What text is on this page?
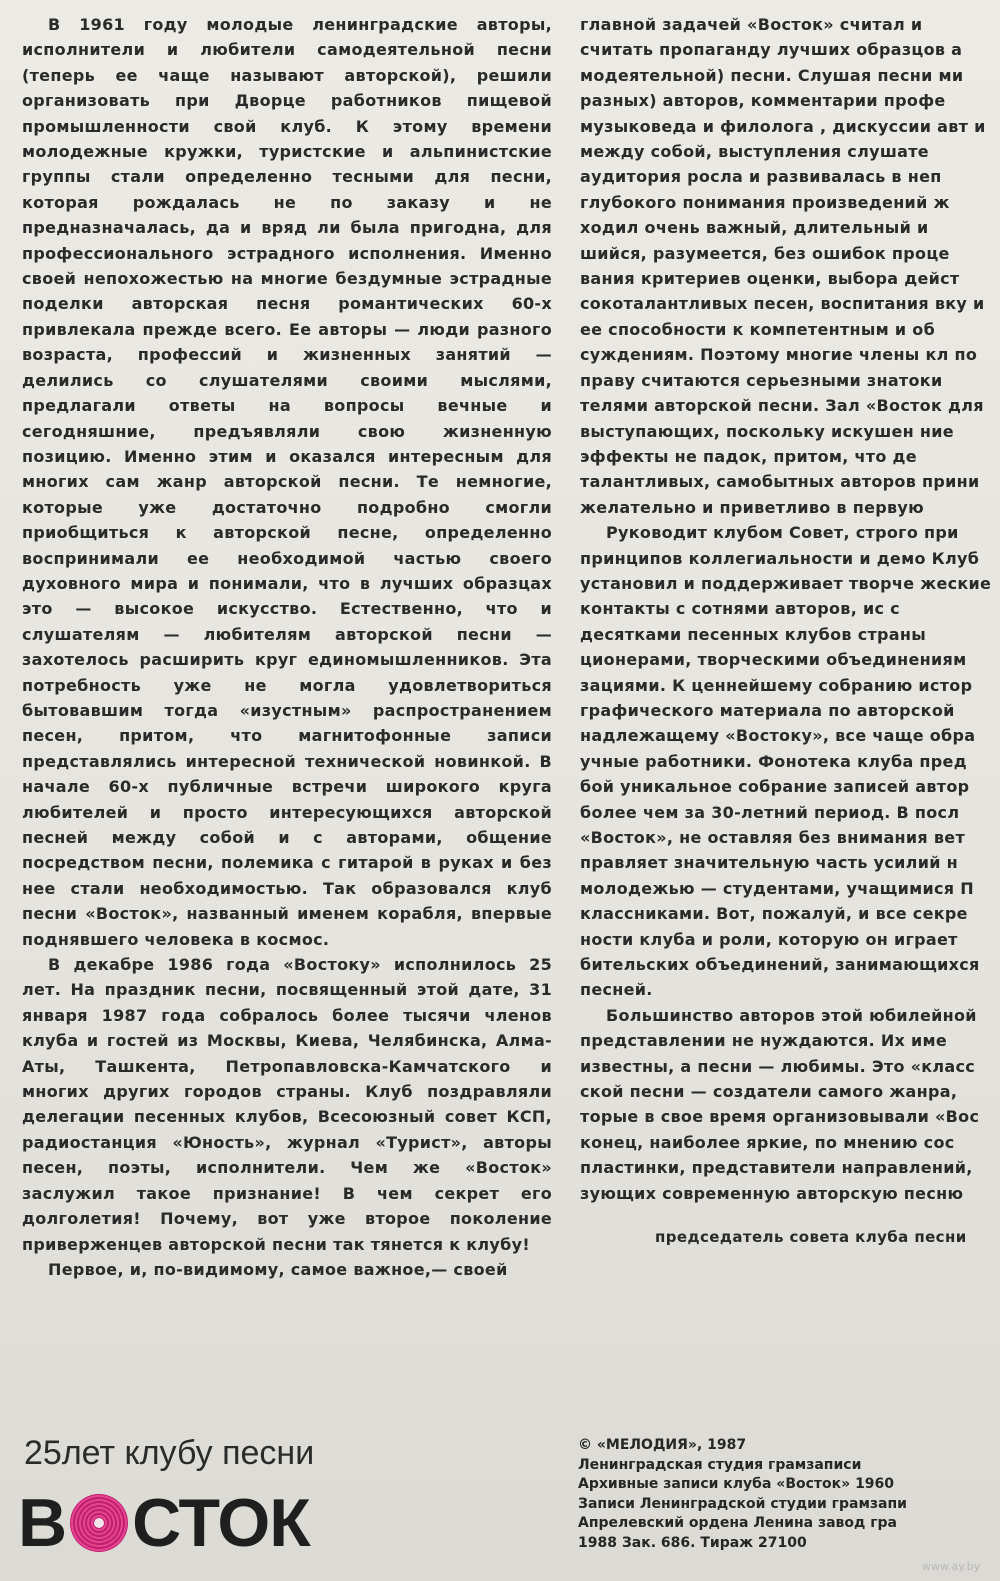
В 1961 году молодые ленинградские авторы, исполнители и любители самодеятельной песни (теперь ее чаще называют авторской), решили организовать при Дворце работников пищевой промышленности свой клуб. К этому времени молодежные кружки, туристские и альпинистские группы стали определенно тесными для песни, которая рождалась не по заказу и не предназначалась, да и вряд ли была пригодна, для профессионального эстрадного исполнения. Именно своей непохожестью на многие бездумные эстрадные поделки авторская песня романтических 60-х привлекала прежде всего. Ее авторы — люди разного возраста, профессий и жизненных занятий — делились со слушателями своими мыслями, предлагали ответы на вопросы вечные и сегодняшние, предъявляли свою жизненную позицию. Именно этим и оказался интересным для многих сам жанр авторской песни. Те немногие, которые уже достаточно подробно смогли приобщиться к авторской песне, определенно воспринимали ее необходимой частью своего духовного мира и понимали, что в лучших образцах это — высокое искусство. Естественно, что и слушателям — любителям авторской песни — захотелось расширить круг единомышленников. Эта потребность уже не могла удовлетвориться бытовавшим тогда «изустным» распространением песен, притом, что магнитофонные записи представлялись интересной технической новинкой. В начале 60-х публичные встречи широкого круга любителей и просто интересующихся авторской песней между собой и с авторами, общение посредством песни, полемика с гитарой в руках и без нее стали необходимостью. Так образовался клуб песни «Восток», названный именем корабля, впервые поднявшего человека в космос.

В декабре 1986 года «Востоку» исполнилось 25 лет. На праздник песни, посвященный этой дате, 31 января 1987 года собралось более тысячи членов клуба и гостей из Москвы, Киева, Челябинска, Алма-Аты, Ташкента, Петропавловска-Камчатского и многих других городов страны. Клуб поздравляли делегации песенных клубов, Всесоюзный совет КСП, радиостанция «Юность», журнал «Турист», авторы песен, поэты, исполнители. Чем же «Восток» заслужил такое признание! В чем секрет его долголетия! Почему, вот уже второе поколение приверженцев авторской песни так тянется к клубу!

Первое, и, по-видимому, самое важное,— своей

главной задачей «Восток» считал и считать пропаганду лучших образцов а модеятельной) песни. Слушая песни ми разных) авторов, комментарии профе музыковеда и филолога , дискуссии авт и между собой, выступления слушате аудитория росла и развивалась в неп глубокого понимания произведений ж ходил очень важный, длительный и шийся, разумеется, без ошибок проце вания критериев оценки, выбора дейст сокоталантливых песен, воспитания вку и ее способности к компетентным и об суждениям. Поэтому многие члены кл по праву считаются серьезными знатоки телями авторской песни. Зал «Восток для выступающих, поскольку искушен ние эффекты не падок, притом, что де талантливых, самобытных авторов прини желательно и приветливо в первую

Руководит клубом Совет, строго при принципов коллегиальности и демо Клуб установил и поддерживает творче жеские контакты с сотнями авторов, ис с десятками песенных клубов страны ционерами, творческими объединениям зациями. К ценнейшему собранию истор графического материала по авторской надлежащему «Востоку», все чаще обра учные работники. Фонотека клуба пред бой уникальное собрание записей автор более чем за 30-летний период. В посл «Восток», не оставляя без внимания вет правляет значительную часть усилий н молодежью — студентами, учащимися П классниками. Вот, пожалуй, и все секре ности клуба и роли, которую он играет бительских объединений, занимающихся песней.

Большинство авторов этой юбилейной представлении не нуждаются. Их име известны, а песни — любимы. Это «класс ской песни — создатели самого жанра, торые в свое время организовывали «Вос конец, наиболее яркие, по мнению сос пластинки, представители направлений, зующих современную авторскую песню

председатель совета клуба песни
25лет клубу песни
В СТОК
© «МЕЛОДИЯ», 1987
Ленинградская студия грамзаписи
Архивные записи клуба «Восток» 1960
Записи Ленинградской студии грамзапи
Апрелевский ордена Ленина завод гра
1988 Зак. 686. Тираж 27100
www.ay.by
